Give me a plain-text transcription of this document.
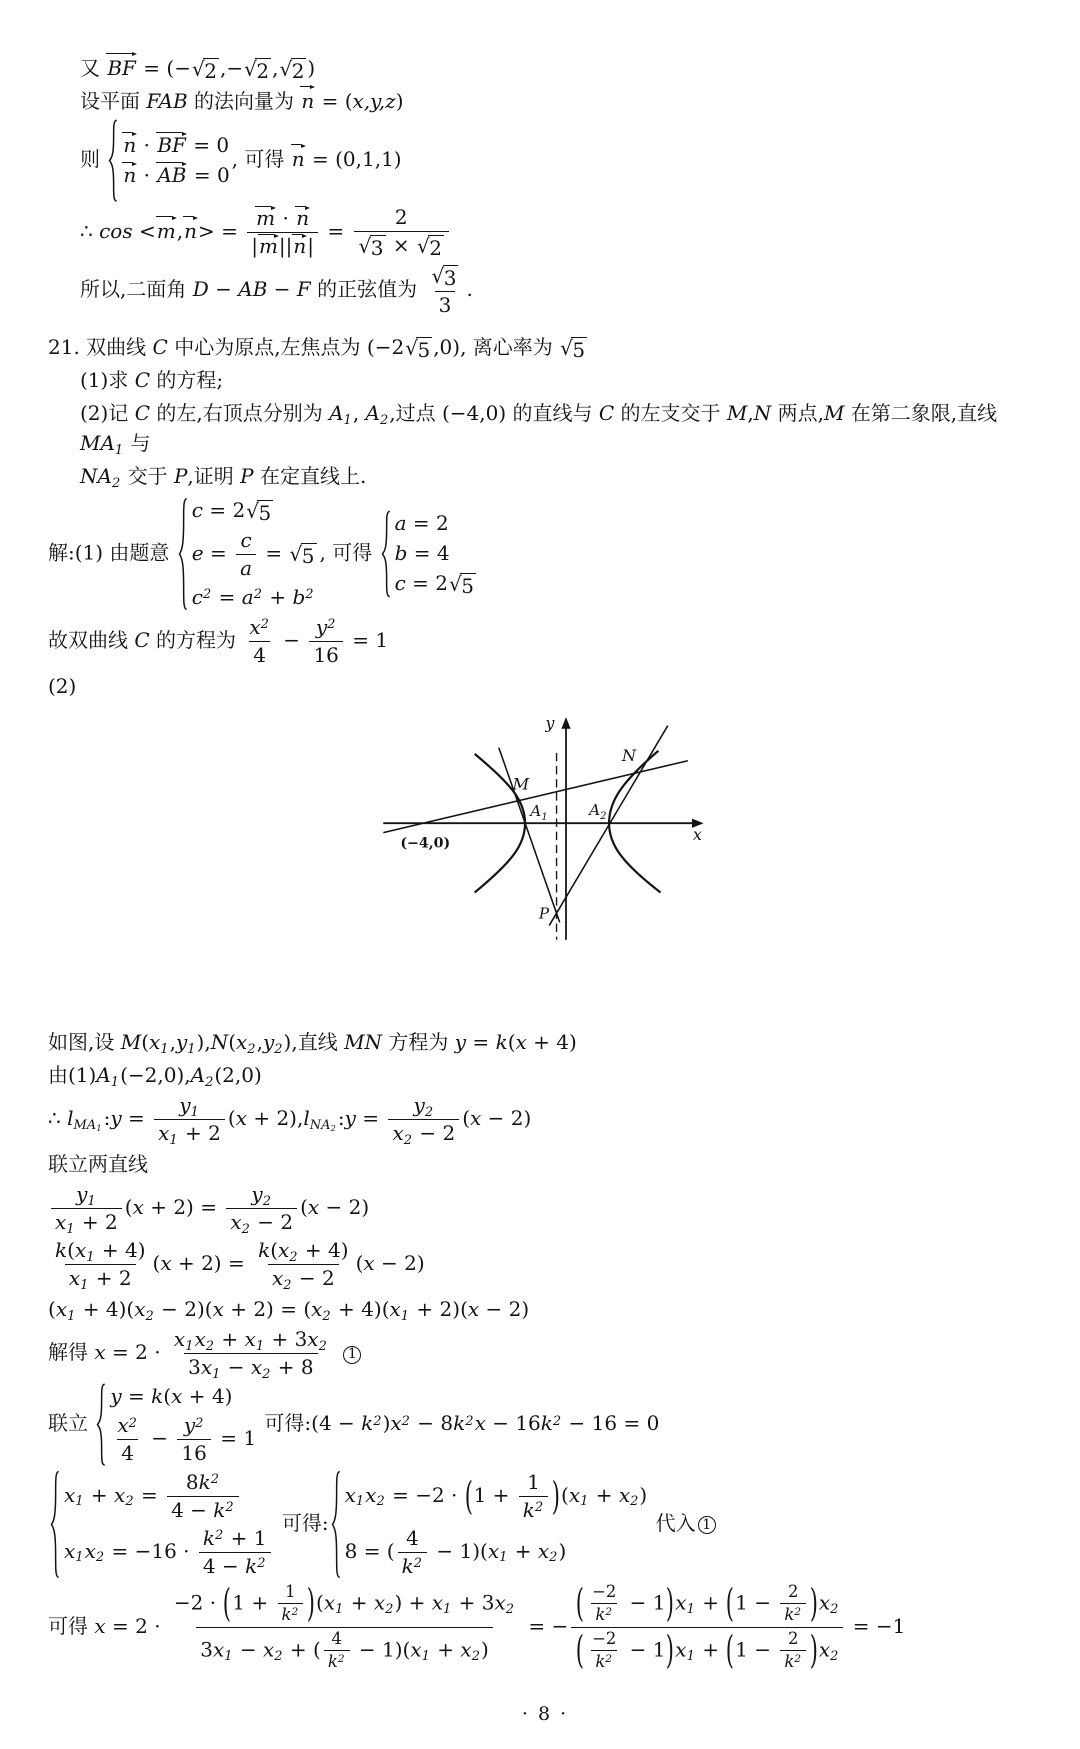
又
BF = (− √ 2 ,− √ 2 , √ 2 )
设平面 FAB 的法向量为
n = (x,y,z)
则
n ·
BF = 0
n ·
AB = 0
, 可得
n = (0,1,1)
∴ cos <
m,
n> = m ·
n
|
m||
$n| = \frac{2}{√ 3 \times √ 2}$
所以,二面角 D − AB − F 的正弦值为 $\frac{√ 3}{3}$ .
21. 双曲线 C 中心为原点,左焦点为 (−2 √ 5 ,0), 离心率为 √ 5
(1)求 C 的方程;
(2)记 C 的左,右顶点分别为 A1, A2,过点 (−4,0) 的直线与 C 的左支交于 M,N 两点,M 在第二象限,直线 MA1 与
NA2 交于 P,证明 P 在定直线上.
解:(1) 由题意
c = 2 √ 5
$e = \frac{c}{a}$ = √ 5
$c^2 = a^2 + b^2$
, 可得
a = 2
b = 4
c = 2 √ 5
故双曲线 C 的方程为 $\frac{x^2}{4} - \frac{y^2}{16} = 1$
(2)
y
x
M
N
A 1	A 2
P
(−4,0)
如图,设 M(x1,y1),N(x2,y2),直线 MN 方程为 y = k(x + 4)
由(1)A1(−2,0),A2(2,0)
∴ lMA1 :y = $\frac{y1}{x1 + 2} (x + 2),lNA2$ :y = $\frac{y2}{x2 - 2} (x - 2)$
联立两直线
$\frac{y1}{x1 + 2} (x + 2) = \frac{y2}{x2 - 2} (x - 2)$
$\frac{k(x1 + 4)}{x1 + 2} (x + 2) = \frac{k(x2 + 4)}{x2 - 2} (x - 2)$
(x1 + 4)(x2 − 2)(x + 2) = (x2 + 4)(x1 + 2)(x − 2)
解得 $x = 2 \cdot \frac{x1x2 + x1 + 3x2}{3x1 - x2 + 8} 1$
联立
y = k(x + 4)
$\frac{x^2}{4} - \frac{y^2}{16} = 1$
可得:(4 − $k^2)x^2 - 8k^2x - 16k^2 - 16 = 0$
$x1 + x2 = \frac{8k^2}{4 - k^2}$
$x1x2 = -16 \cdot \frac{k^2 + 1}{4 - k^2}$
可得:
$x1x2 = -2 \cdot (1 + \frac{1}{k^2} )(x1 + x2)$
8 = ( $\frac{4}{k^2} - 1)(x1 + x2)$
代入 1
可得 $x = 2 \cdot \frac{-2 \cdot (1 + \frac{1}{k^2} )(x1 + x2) + x1 + 3x2}{3x1 - x2 + ( \frac{4}{k^2} - 1)(x1 + x2)}$ = − $\frac{( \frac{-2}{k^2} - 1)x1 + (1 - \frac{2}{k^2} )x2}{( \frac{-2}{k^2} - 1)x1 + (1 - \frac{2}{k^2} )x2} = -1$
· 8 ·
